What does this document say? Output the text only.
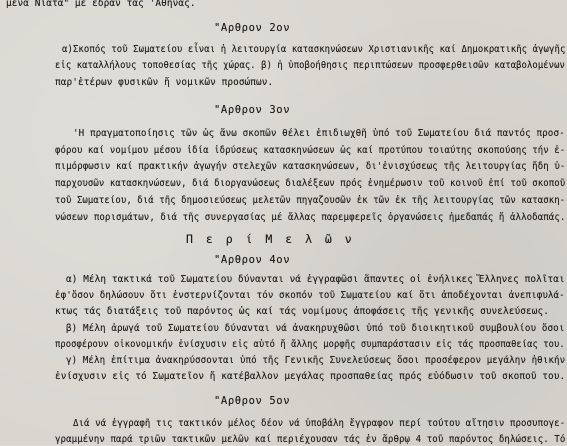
μενα Νιάτα" μέ έδραν τάς 'Αθήνας.
"Αρθρον 2ον
α)Σκοπός τοῦ Σωματείου εἶναι ἡ λειτουργία κατασκηνώσεων Χριστιανικῆς καί Δημοκρατικῆς ἀγωγῆς
εἰς καταλλήλους τοποθεσίας τῆς χώρας. β) ἡ ὑποβοήθησις περιπτώσεων προσφερθεισῶν καταβολομένων
παρ'ἑτέρων φυσικῶν ἤ νομικῶν προσώπων.
"Αρθρον 3ον
'Η πραγματοποίησις τῶν ὡς ἄνω σκοπῶν θέλει ἐπιδιωχθῆ ὑπό τοῦ Σωματείου διά παντός προσ-
φόρου καί νομίμου μέσου ἰδία ἱδρύσεως κατασκηνώσεων ὡς καί προτύπου τοιαύτης σκοπούσης τήν ἐ-
πιμόρφωσιν καί πρακτικήν ἀγωγήν στελεχῶν κατασκηνώσεων, δι'ἐνισχύσεως τῆς λειτουργίας ἤδη ὑ-
παρχουσῶν κατασκηνώσεων, διά διοργανώσεως διαλέξεων πρός ἐνημέρωσιν τοῦ κοινοῦ ἐπί τοῦ σκοποῦ
τοῦ Σωματείου, διά τῆς δημοσιεύσεως μελετῶν πηγαζουσῶν ἐκ τῶν ἐκ τῆς λειτουργίας τῶν κατασκη-
νώσεων πορισμάτων, διά τῆς συνεργασίας μέ ἄλλας παρεμφερεῖς ὀργανώσεις ἡμεδαπάς ἤ ἀλλοδαπάς.
Π ε ρ ί Μ ε λ ῶ ν
"Αρθρον 4ον
α) Μέλη τακτικά τοῦ Σωματείου δύνανται νά ἐγγραφῶσι ἅπαντες οἱ ἐνήλικες Ἕλληνες πολῖται
ἐφ'ὅσον δηλώσουν ὅτι ἐνστερνίζονται τόν σκοπόν τοῦ Σωματείου καί ὅτι ἀποδέχονται ἀνεπιφυλά-
κτως τάς διατάξεις τοῦ παρόντος ὡς καί τάς νομίμους ἀποφάσεις τῆς γενικῆς συνελεύσεως.
β) Μέλη ἀρωγά τοῦ Σωματείου δύνανται νά ἀνακηρυχθῶσι ὑπό τοῦ διοικητικοῦ συμβουλίου ὅσοι
προσφέρουν οἰκονομικήν ἐνίσχυσιν εἰς αὐτό ἤ ἄλλης μορφῆς συμπαράστασιν εἰς τάς προσπαθείας του.
γ) Μέλη ἐπίτιμα ἀνακηρύσσονται ὑπό τῆς Γενικῆς Συνελεύσεως ὅσοι προσέφερον μεγάλην ἠθικήν
ἐνίσχυσιν εἰς τό Σωματεῖον ἤ κατέβαλλον μεγάλας προσπαθείας πρός εὐόδωσιν τοῦ σκοποῦ του.
"Αρθρον 5ον
Διά νά ἐγγραφῆ τις τακτικόν μέλος δέον νά ὑποβάλη ἔγγραφον περί τούτου αἴτησιν προσυπογε-
γραμμένην παρά τριῶν τακτικῶν μελῶν καί περιέχουσαν τάς ἐν ἄρθρῳ 4 τοῦ παρόντος δηλώσεις. Τό
